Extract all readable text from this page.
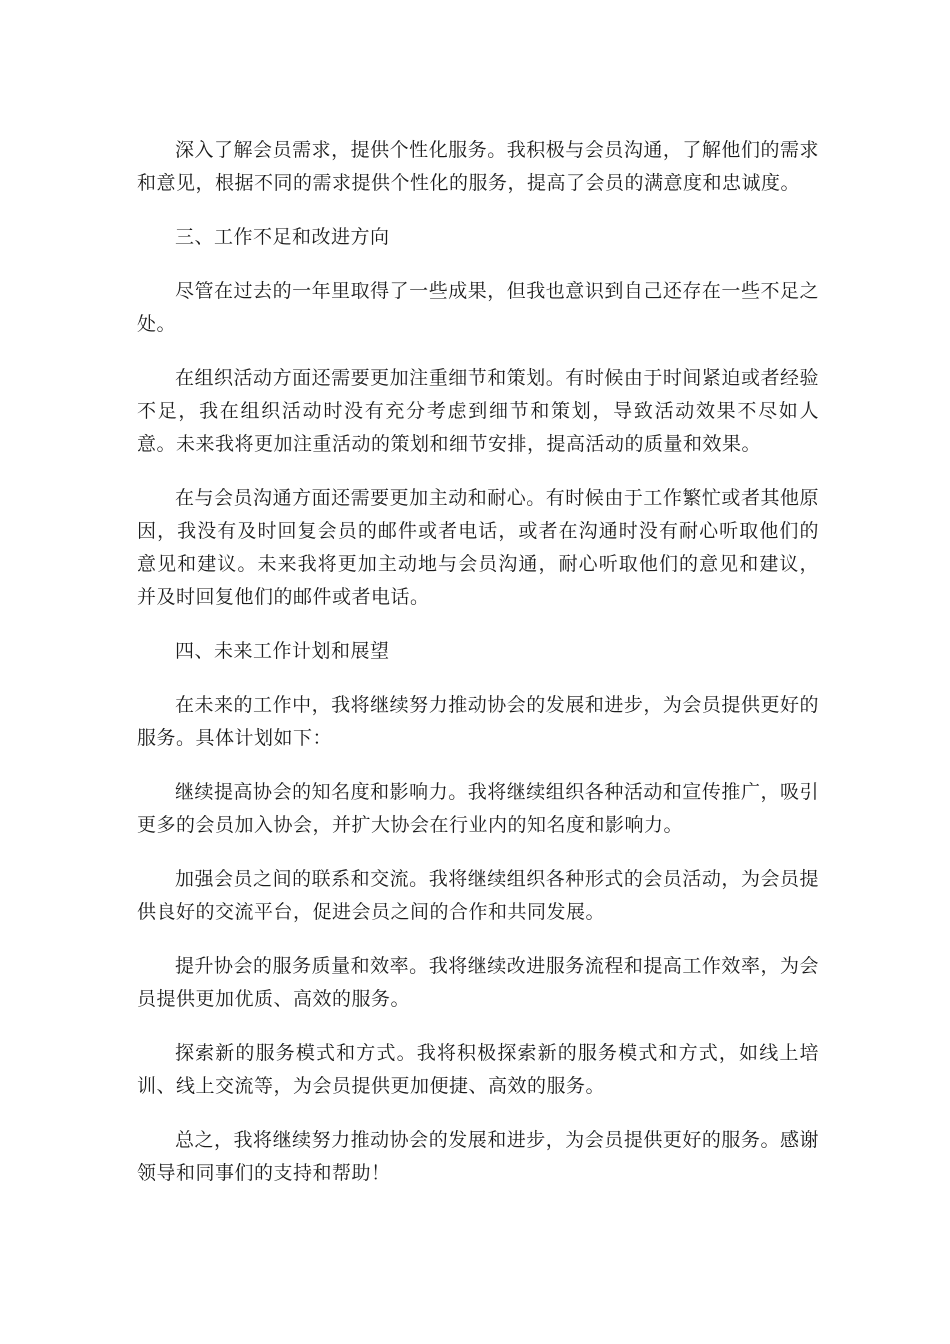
深入了解会员需求，提供个性化服务。我积极与会员沟通，了解他们的需求和意见，根据不同的需求提供个性化的服务，提高了会员的满意度和忠诚度。

三、工作不足和改进方向

尽管在过去的一年里取得了一些成果，但我也意识到自己还存在一些不足之处。

在组织活动方面还需要更加注重细节和策划。有时候由于时间紧迫或者经验不足，我在组织活动时没有充分考虑到细节和策划，导致活动效果不尽如人意。未来我将更加注重活动的策划和细节安排，提高活动的质量和效果。

在与会员沟通方面还需要更加主动和耐心。有时候由于工作繁忙或者其他原因，我没有及时回复会员的邮件或者电话，或者在沟通时没有耐心听取他们的意见和建议。未来我将更加主动地与会员沟通，耐心听取他们的意见和建议，并及时回复他们的邮件或者电话。

四、未来工作计划和展望

在未来的工作中，我将继续努力推动协会的发展和进步，为会员提供更好的服务。具体计划如下：

继续提高协会的知名度和影响力。我将继续组织各种活动和宣传推广，吸引更多的会员加入协会，并扩大协会在行业内的知名度和影响力。

加强会员之间的联系和交流。我将继续组织各种形式的会员活动，为会员提供良好的交流平台，促进会员之间的合作和共同发展。

提升协会的服务质量和效率。我将继续改进服务流程和提高工作效率，为会员提供更加优质、高效的服务。

探索新的服务模式和方式。我将积极探索新的服务模式和方式，如线上培训、线上交流等，为会员提供更加便捷、高效的服务。

总之，我将继续努力推动协会的发展和进步，为会员提供更好的服务。感谢领导和同事们的支持和帮助！
